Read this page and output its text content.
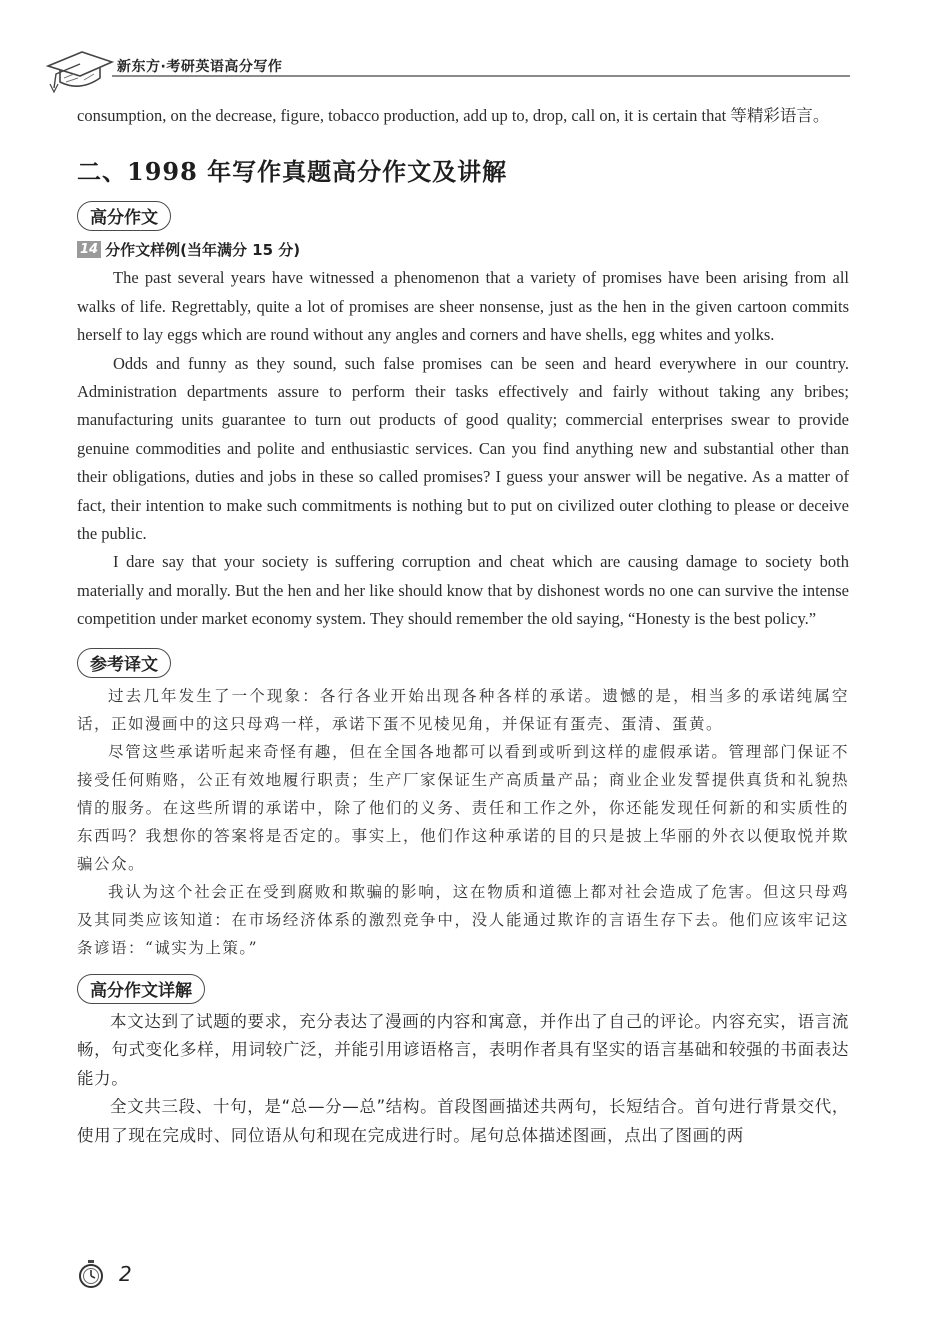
新东方·考研英语高分写作

consumption, on the decrease, figure, tobacco production, add up to, drop, call on, it is certain that 等精彩语言。

二、1998 年写作真题高分作文及讲解
高分作文
14 分作文样例(当年满分 15 分)

The past several years have witnessed a phenomenon that a variety of promises have been arising from all walks of life. Regrettably, quite a lot of promises are sheer nonsense, just as the hen in the given cartoon commits herself to lay eggs which are round without any angles and corners and have shells, egg whites and yolks.

Odds and funny as they sound, such false promises can be seen and heard everywhere in our country. Administration departments assure to perform their tasks effectively and fairly without taking any bribes; manufacturing units guarantee to turn out products of good quality; commercial enterprises swear to provide genuine commodities and polite and enthusiastic services. Can you find anything new and substantial other than their obligations, duties and jobs in these so called promises? I guess your answer will be negative. As a matter of fact, their intention to make such commitments is nothing but to put on civilized outer clothing to please or deceive the public.

I dare say that your society is suffering corruption and cheat which are causing damage to society both materially and morally. But the hen and her like should know that by dishonest words no one can survive the intense competition under market economy system. They should remember the old saying, “Honesty is the best policy.”

参考译文

过去几年发生了一个现象：各行各业开始出现各种各样的承诺。遗憾的是，相当多的承诺纯属空话，正如漫画中的这只母鸡一样，承诺下蛋不见棱见角，并保证有蛋壳、蛋清、蛋黄。

尽管这些承诺听起来奇怪有趣，但在全国各地都可以看到或听到这样的虚假承诺。管理部门保证不接受任何贿赂，公正有效地履行职责；生产厂家保证生产高质量产品；商业企业发誓提供真货和礼貌热情的服务。在这些所谓的承诺中，除了他们的义务、责任和工作之外，你还能发现任何新的和实质性的东西吗？我想你的答案将是否定的。事实上，他们作这种承诺的目的只是披上华丽的外衣以便取悦并欺骗公众。

我认为这个社会正在受到腐败和欺骗的影响，这在物质和道德上都对社会造成了危害。但这只母鸡及其同类应该知道：在市场经济体系的激烈竞争中，没人能通过欺诈的言语生存下去。他们应该牢记这条谚语：“诚实为上策。”

高分作文详解

本文达到了试题的要求，充分表达了漫画的内容和寓意，并作出了自己的评论。内容充实，语言流畅，句式变化多样，用词较广泛，并能引用谚语格言，表明作者具有坚实的语言基础和较强的书面表达能力。

全文共三段、十句，是“总—分—总”结构。首段图画描述共两句，长短结合。首句进行背景交代，使用了现在完成时、同位语从句和现在完成进行时。尾句总体描述图画，点出了图画的两

2
